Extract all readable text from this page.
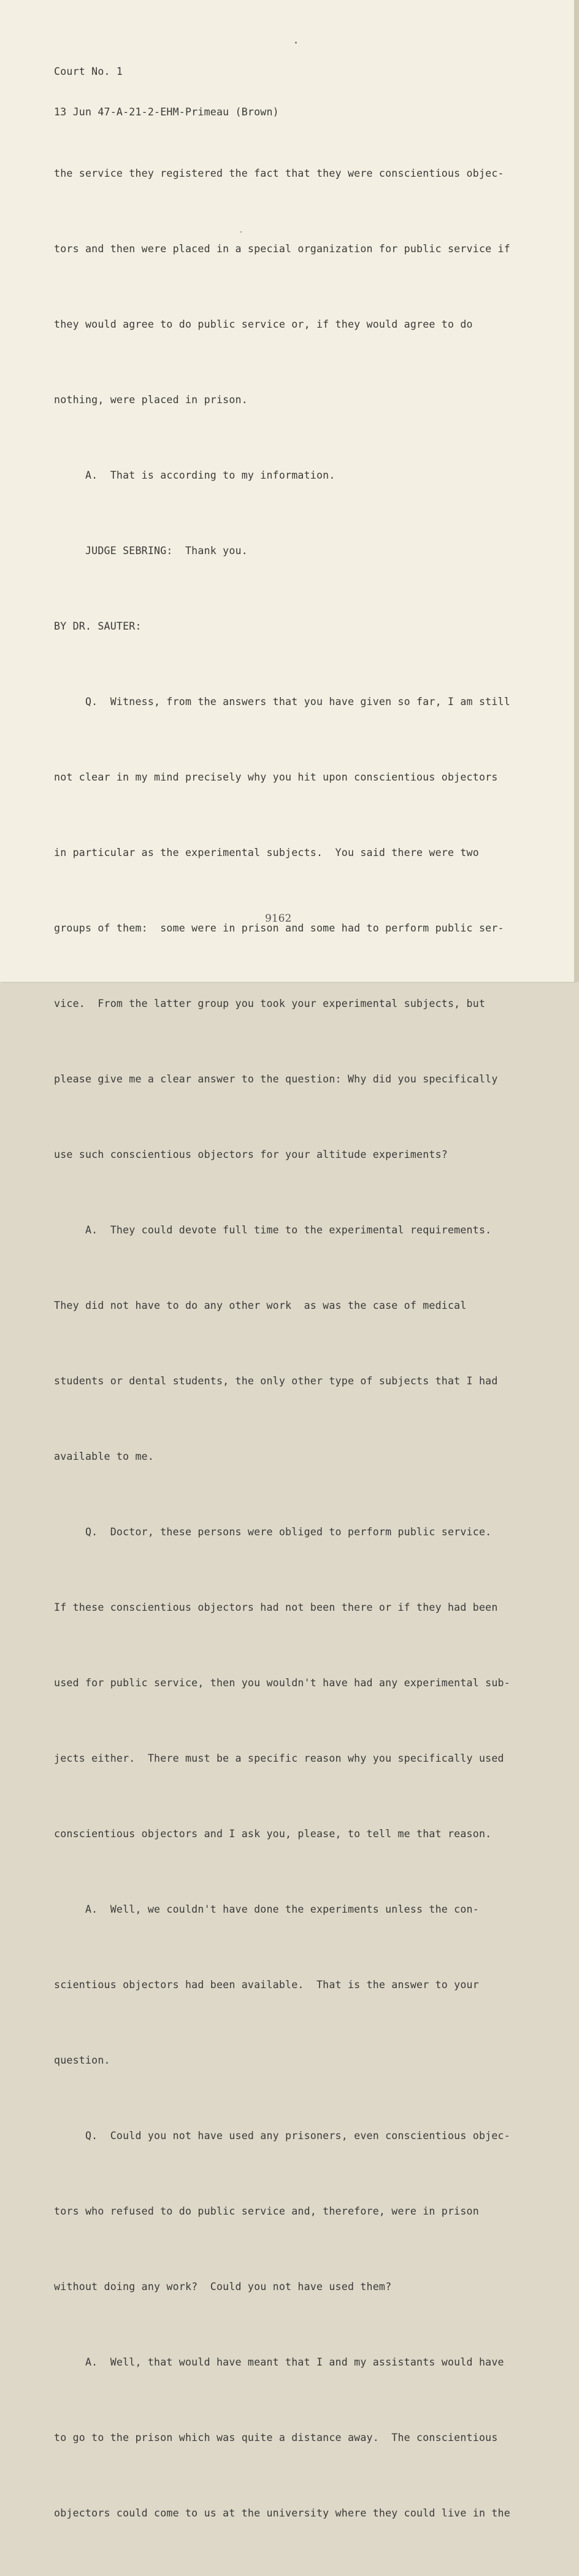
Court No. 1

13 Jun 47-A-21-2-EHM-Primeau (Brown)

the service they registered the fact that they were conscientious objec-

tors and then were placed in a special organization for public service if

they would agree to do public service or, if they would agree to do

nothing, were placed in prison.

A.  That is according to my information.

JUDGE SEBRING:  Thank you.

BY DR. SAUTER:

Q.  Witness, from the answers that you have given so far, I am still

not clear in my mind precisely why you hit upon conscientious objectors

in particular as the experimental subjects.  You said there were two

groups of them:  some were in prison and some had to perform public ser-

vice.  From the latter group you took your experimental subjects, but

please give me a clear answer to the question: Why did you specifically

use such conscientious objectors for your altitude experiments?

A.  They could devote full time to the experimental requirements.

They did not have to do any other work  as was the case of medical

students or dental students, the only other type of subjects that I had

available to me.

Q.  Doctor, these persons were obliged to perform public service.

If these conscientious objectors had not been there or if they had been

used for public service, then you wouldn't have had any experimental sub-

jects either.  There must be a specific reason why you specifically used

conscientious objectors and I ask you, please, to tell me that reason.

A.  Well, we couldn't have done the experiments unless the con-

scientious objectors had been available.  That is the answer to your

question.

Q.  Could you not have used any prisoners, even conscientious objec-

tors who refused to do public service and, therefore, were in prison

without doing any work?  Could you not have used them?

A.  Well, that would have meant that I and my assistants would have

to go to the prison which was quite a distance away.  The conscientious

objectors could come to us at the university where they could live in the

9162
